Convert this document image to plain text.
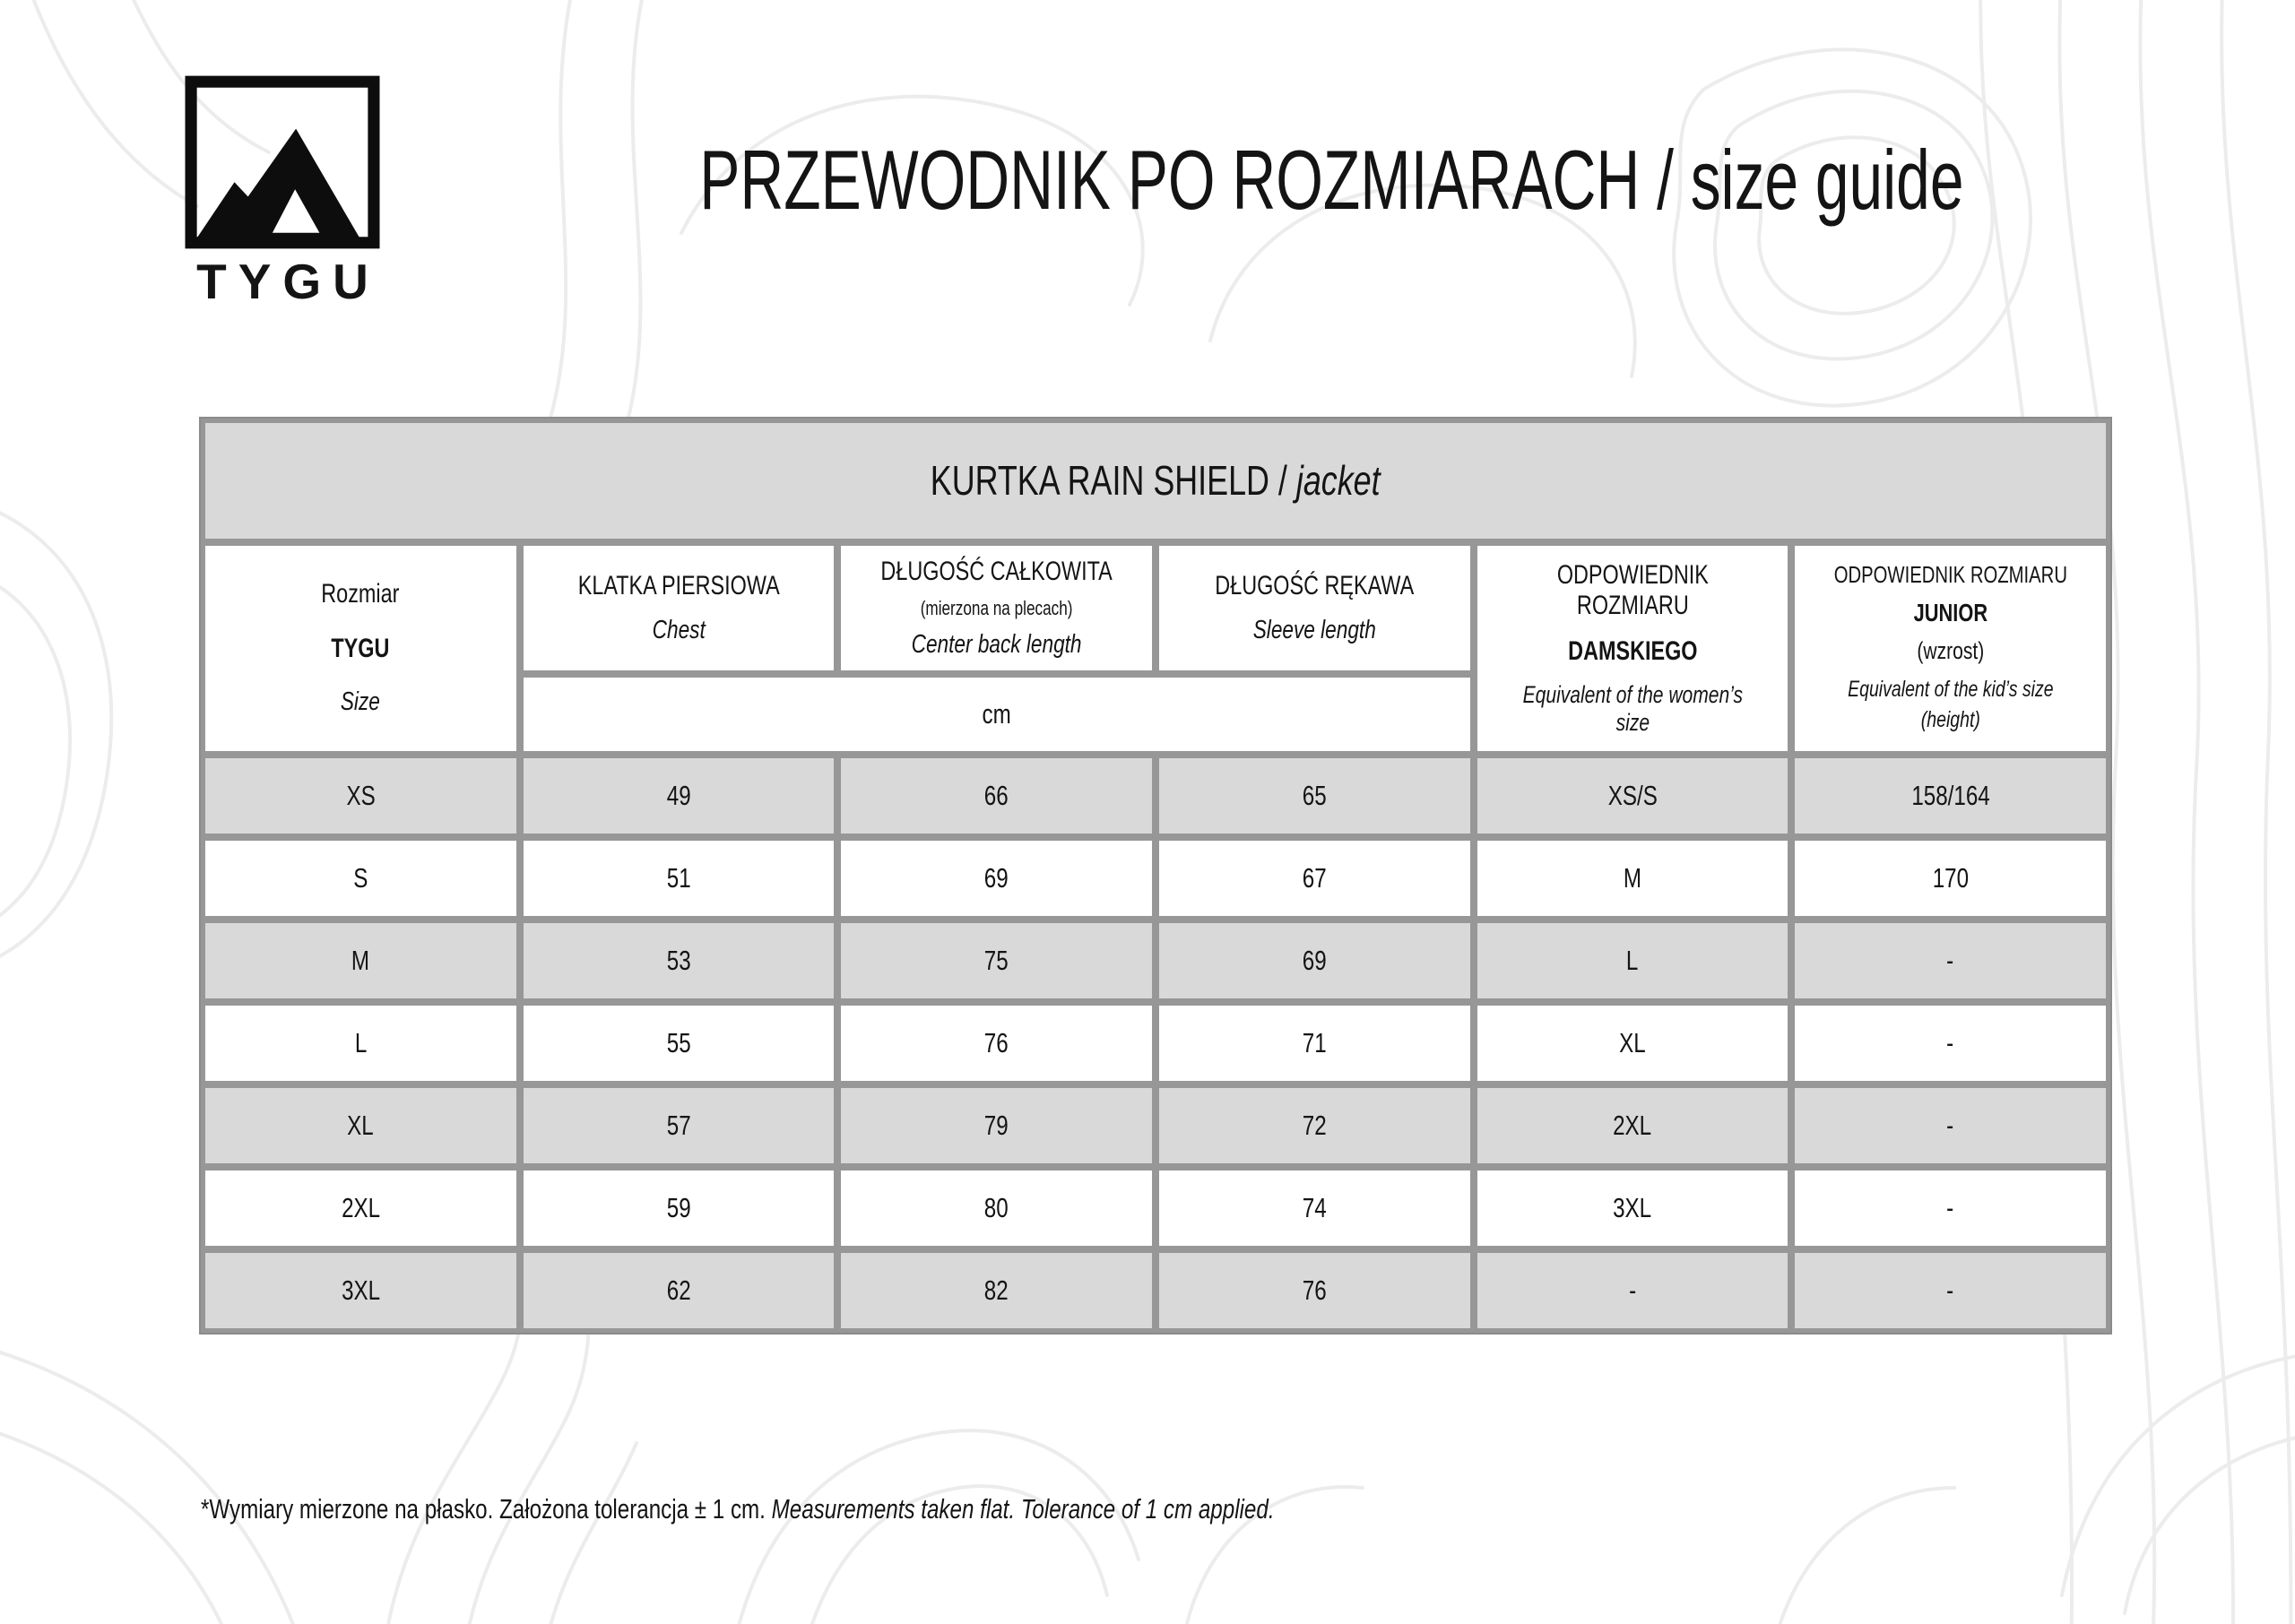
TYGU
PRZEWODNIK PO ROZMIARACH / size guide
KURTKA RAIN SHIELD / jacket
Rozmiar
TYGU
Size
KLATKA PIERSIOWA
Chest
DŁUGOŚĆ CAŁKOWITA
(mierzona na plecach)
Center back length
DŁUGOŚĆ RĘKAWA
Sleeve length
ODPOWIEDNIK ROZMIARU
DAMSKIEGO
Equivalent of the women’s size
ODPOWIEDNIK ROZMIARU
JUNIOR
(wzrost)
Equivalent of the kid’s size
(height)
cm
XS	49	66	65	XS/S	158/164
S	51	69	67	M	170
M	53	75	69	L	-
L	55	76	71	XL	-
XL	57	79	72	2XL	-
2XL	59	80	74	3XL	-
3XL	62	82	76	-	-

*Wymiary mierzone na płasko. Założona tolerancja ± 1 cm. Measurements taken flat. Tolerance of 1 cm applied.
